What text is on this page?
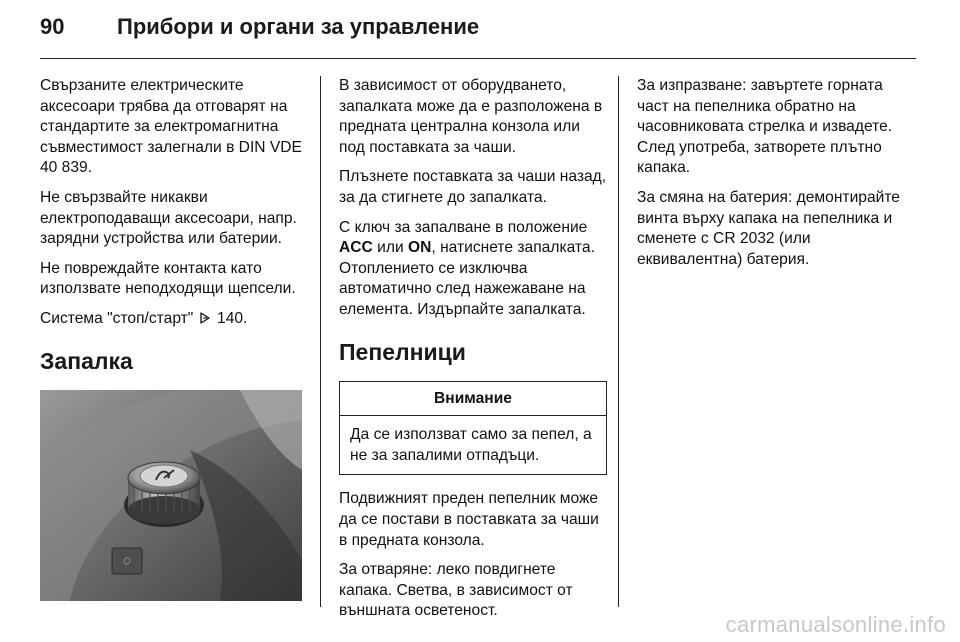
90 Прибори и органи за управление

Свързаните електрическите аксесоари трябва да отговарят на стандартите за електромагнитна съвместимост залегнали в DIN VDE 40 839.

Не свързвайте никакви електроподаващи аксесоари, напр. зарядни устройства или батерии.

Не повреждайте контакта като използвате неподходящи щепсели.

Система "стоп/старт" 140.

Запалка

В зависимост от оборудването, запалката може да е разположена в предната централна конзола или под поставката за чаши.

Плъзнете поставката за чаши назад, за да стигнете до запалката.

С ключ за запалване в положение ACC или ON, натиснете запалката. Отоплението се изключва автоматично след нажежаване на елемента. Издърпайте запалката.

Пепелници
Внимание
Да се използват само за пепел, а не за запалими отпадъци.

Подвижният преден пепелник може да се постави в поставката за чаши в предната конзола.

За отваряне: леко повдигнете капака. Светва, в зависимост от външната осветеност.

За изпразване: завъртете горната част на пепелника обратно на часовниковата стрелка и извадете. След употреба, затворете плътно капака.

За смяна на батерия: демонтирайте винта върху капака на пепелника и сменете с CR 2032 (или еквивалентна) батерия.

carmanualsonline.info
